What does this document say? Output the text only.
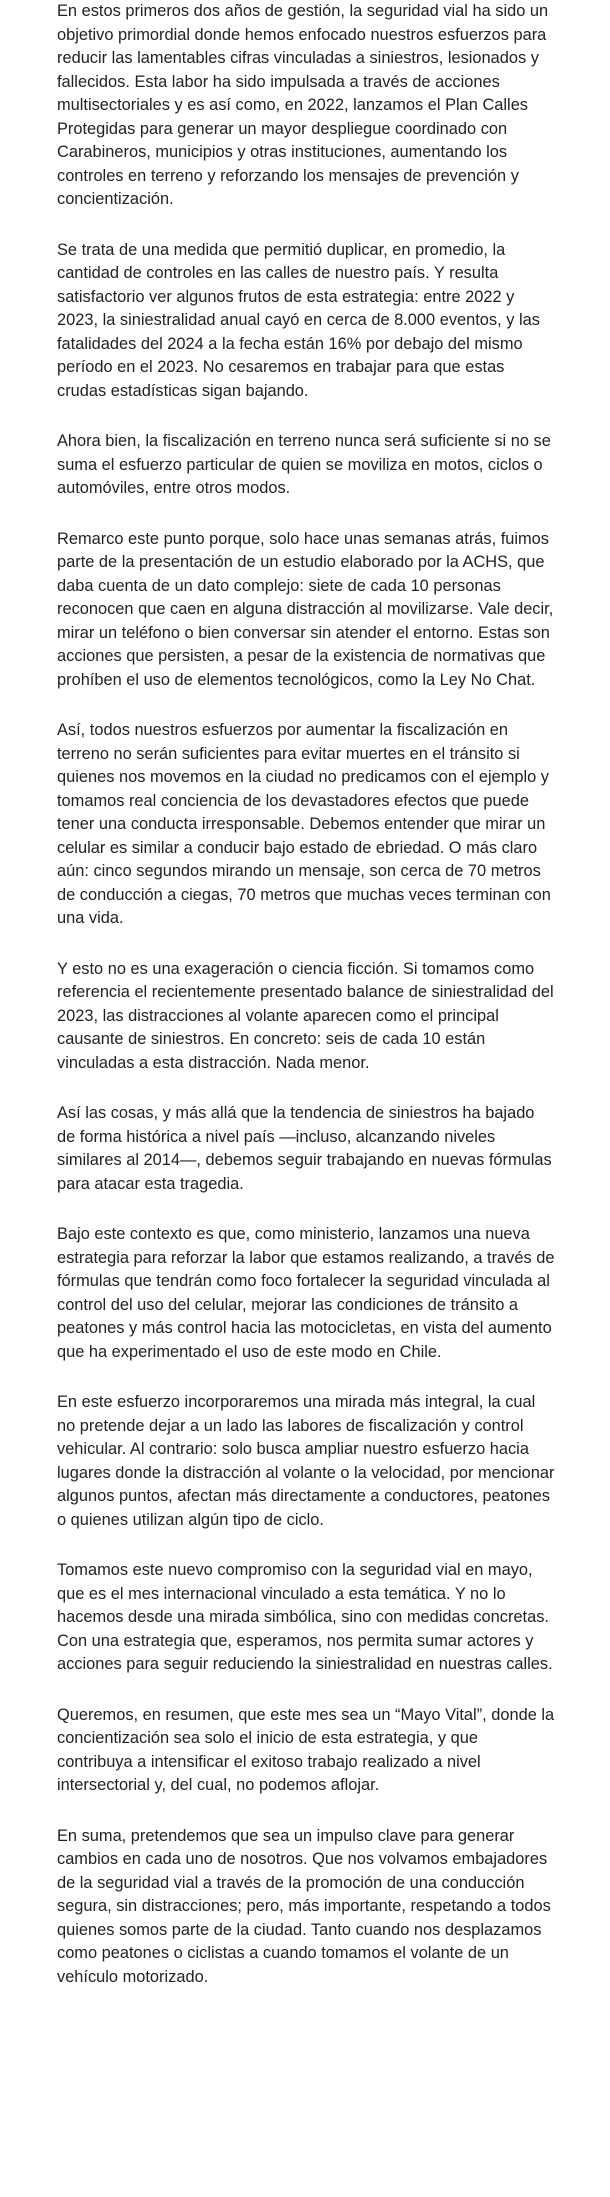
En estos primeros dos años de gestión, la seguridad vial ha sido un objetivo primordial donde hemos enfocado nuestros esfuerzos para reducir las lamentables cifras vinculadas a siniestros, lesionados y fallecidos. Esta labor ha sido impulsada a través de acciones multisectoriales y es así como, en 2022, lanzamos el Plan Calles Protegidas para generar un mayor despliegue coordinado con Carabineros, municipios y otras instituciones, aumentando los controles en terreno y reforzando los mensajes de prevención y concientización.

Se trata de una medida que permitió duplicar, en promedio, la cantidad de controles en las calles de nuestro país. Y resulta satisfactorio ver algunos frutos de esta estrategia: entre 2022 y 2023, la siniestralidad anual cayó en cerca de 8.000 eventos, y las fatalidades del 2024 a la fecha están 16% por debajo del mismo período en el 2023. No cesaremos en trabajar para que estas crudas estadísticas sigan bajando.

Ahora bien, la fiscalización en terreno nunca será suficiente si no se suma el esfuerzo particular de quien se moviliza en motos, ciclos o automóviles, entre otros modos.

Remarco este punto porque, solo hace unas semanas atrás, fuimos parte de la presentación de un estudio elaborado por la ACHS, que daba cuenta de un dato complejo: siete de cada 10 personas reconocen que caen en alguna distracción al movilizarse. Vale decir, mirar un teléfono o bien conversar sin atender el entorno. Estas son acciones que persisten, a pesar de la existencia de normativas que prohíben el uso de elementos tecnológicos, como la Ley No Chat.

Así, todos nuestros esfuerzos por aumentar la fiscalización en terreno no serán suficientes para evitar muertes en el tránsito si quienes nos movemos en la ciudad no predicamos con el ejemplo y tomamos real conciencia de los devastadores efectos que puede tener una conducta irresponsable. Debemos entender que mirar un celular es similar a conducir bajo estado de ebriedad. O más claro aún: cinco segundos mirando un mensaje, son cerca de 70 metros de conducción a ciegas, 70 metros que muchas veces terminan con una vida.

Y esto no es una exageración o ciencia ficción. Si tomamos como referencia el recientemente presentado balance de siniestralidad del 2023, las distracciones al volante aparecen como el principal causante de siniestros. En concreto: seis de cada 10 están vinculadas a esta distracción. Nada menor.

Así las cosas, y más allá que la tendencia de siniestros ha bajado de forma histórica a nivel país —incluso, alcanzando niveles similares al 2014—, debemos seguir trabajando en nuevas fórmulas para atacar esta tragedia.

Bajo este contexto es que, como ministerio, lanzamos una nueva estrategia para reforzar la labor que estamos realizando, a través de fórmulas que tendrán como foco fortalecer la seguridad vinculada al control del uso del celular, mejorar las condiciones de tránsito a peatones y más control hacia las motocicletas, en vista del aumento que ha experimentado el uso de este modo en Chile.

En este esfuerzo incorporaremos una mirada más integral, la cual no pretende dejar a un lado las labores de fiscalización y control vehicular. Al contrario: solo busca ampliar nuestro esfuerzo hacia lugares donde la distracción al volante o la velocidad, por mencionar algunos puntos, afectan más directamente a conductores, peatones o quienes utilizan algún tipo de ciclo.

Tomamos este nuevo compromiso con la seguridad vial en mayo, que es el mes internacional vinculado a esta temática. Y no lo hacemos desde una mirada simbólica, sino con medidas concretas. Con una estrategia que, esperamos, nos permita sumar actores y acciones para seguir reduciendo la siniestralidad en nuestras calles.

Queremos, en resumen, que este mes sea un “Mayo Vital”, donde la concientización sea solo el inicio de esta estrategia, y que contribuya a intensificar el exitoso trabajo realizado a nivel intersectorial y, del cual, no podemos aflojar.

En suma, pretendemos que sea un impulso clave para generar cambios en cada uno de nosotros. Que nos volvamos embajadores de la seguridad vial a través de la promoción de una conducción segura, sin distracciones; pero, más importante, respetando a todos quienes somos parte de la ciudad. Tanto cuando nos desplazamos como peatones o ciclistas a cuando tomamos el volante de un vehículo motorizado.
